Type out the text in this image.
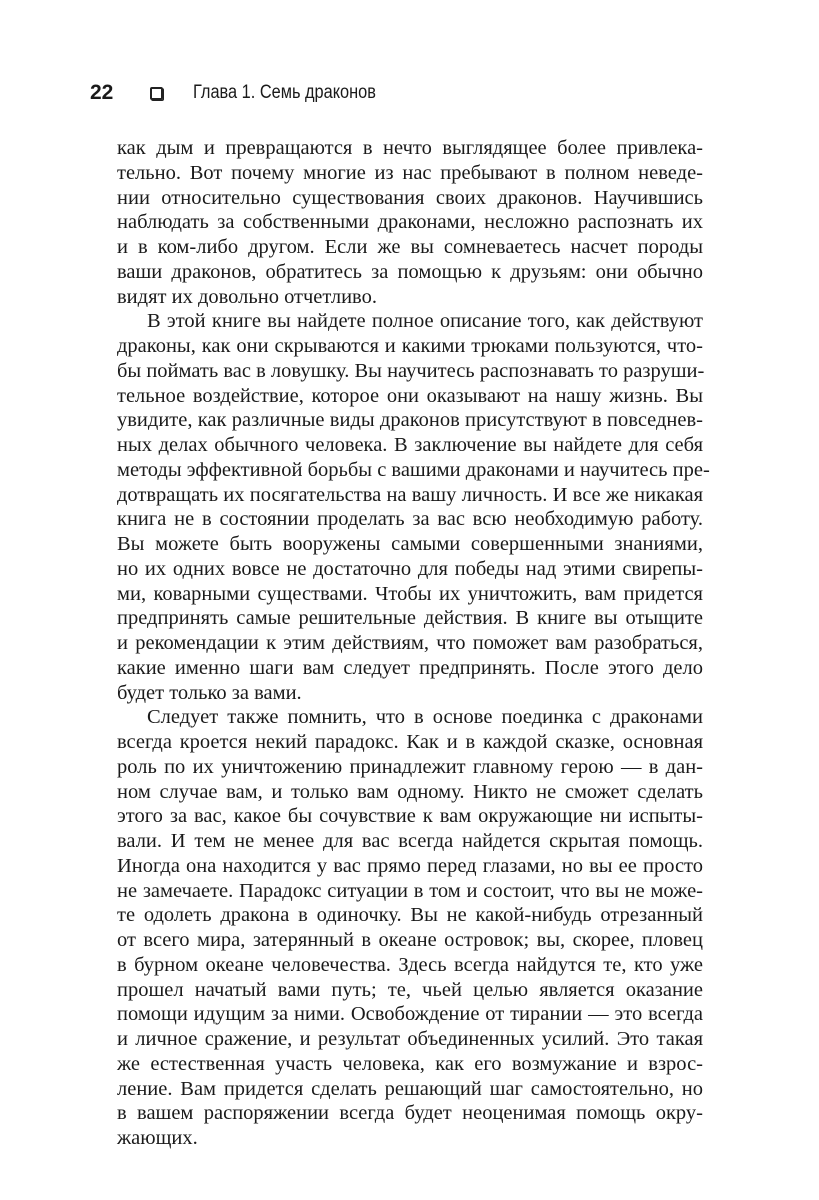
22	Глава 1. Семь драконов
как дым и превращаются в нечто выглядящее более привлека-
тельно. Вот почему многие из нас пребывают в полном неведе-
нии относительно существования своих драконов. Научившись
наблюдать за собственными драконами, несложно распознать их
и в ком-либо другом. Если же вы сомневаетесь насчет породы
ваши драконов, обратитесь за помощью к друзьям: они обычно
видят их довольно отчетливо.
В этой книге вы найдете полное описание того, как действуют
драконы, как они скрываются и какими трюками пользуются, что-
бы поймать вас в ловушку. Вы научитесь распознавать то разруши-
тельное воздействие, которое они оказывают на нашу жизнь. Вы
увидите, как различные виды драконов присутствуют в повседнев-
ных делах обычного человека. В заключение вы найдете для себя
методы эффективной борьбы с вашими драконами и научитесь пре-
дотвращать их посягательства на вашу личность. И все же никакая
книга не в состоянии проделать за вас всю необходимую работу.
Вы можете быть вооружены самыми совершенными знаниями,
но их одних вовсе не достаточно для победы над этими свирепы-
ми, коварными существами. Чтобы их уничтожить, вам придется
предпринять самые решительные действия. В книге вы отыщите
и рекомендации к этим действиям, что поможет вам разобраться,
какие именно шаги вам следует предпринять. После этого дело
будет только за вами.
Следует также помнить, что в основе поединка с драконами
всегда кроется некий парадокс. Как и в каждой сказке, основная
роль по их уничтожению принадлежит главному герою — в дан-
ном случае вам, и только вам одному. Никто не сможет сделать
этого за вас, какое бы сочувствие к вам окружающие ни испыты-
вали. И тем не менее для вас всегда найдется скрытая помощь.
Иногда она находится у вас прямо перед глазами, но вы ее просто
не замечаете. Парадокс ситуации в том и состоит, что вы не може-
те одолеть дракона в одиночку. Вы не какой-нибудь отрезанный
от всего мира, затерянный в океане островок; вы, скорее, пловец
в бурном океане человечества. Здесь всегда найдутся те, кто уже
прошел начатый вами путь; те, чьей целью является оказание
помощи идущим за ними. Освобождение от тирании — это всегда
и личное сражение, и результат объединенных усилий. Это такая
же естественная участь человека, как его возмужание и взрос-
ление. Вам придется сделать решающий шаг самостоятельно, но
в вашем распоряжении всегда будет неоценимая помощь окру-
жающих.
